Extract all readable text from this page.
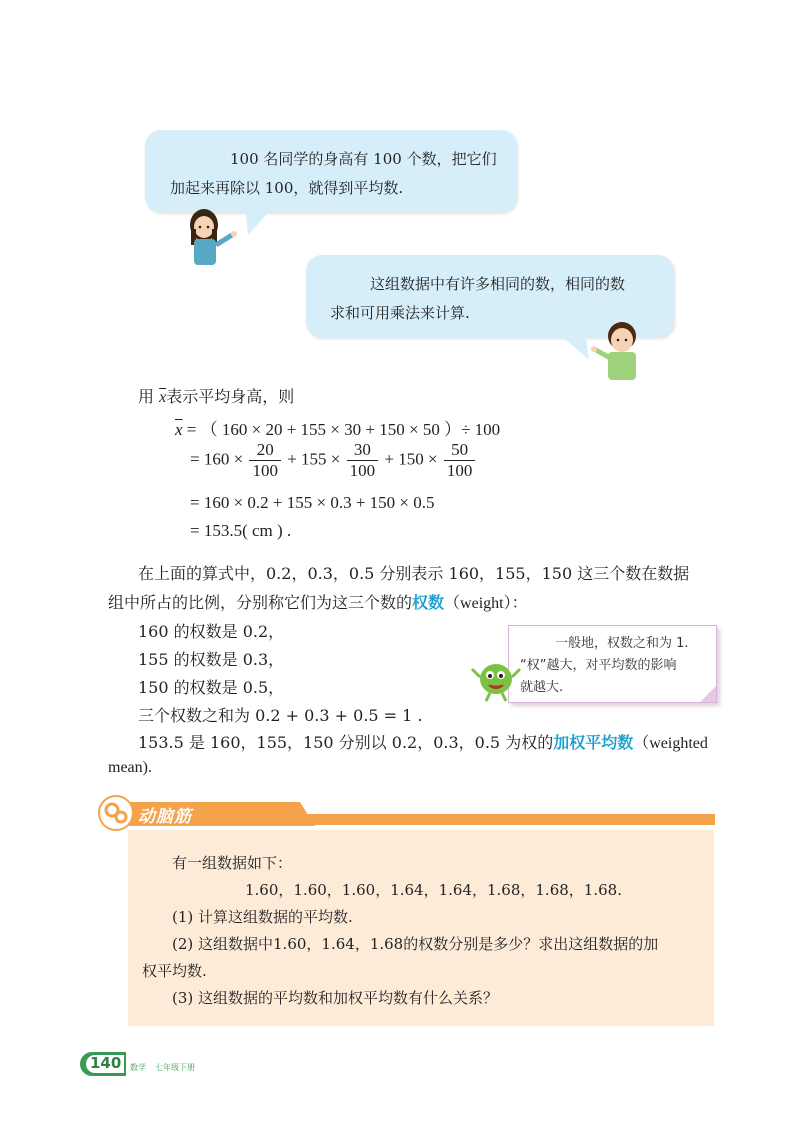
100 名同学的身高有 100 个数，把它们
加起来再除以 100，就得到平均数.
这组数据中有许多相同的数，相同的数
求和可用乘法来计算.
用 $\overline{x}$表示平均身高，则
$\overline{x}$ = （ 160 × 20 + 155 × 30 + 150 × 50 ）÷ 100
= $160 \times \frac{20}{100} + 155 \times \frac{30}{100} + 150 \times \frac{50}{100}$
= 160 × 0.2 + 155 × 0.3 + 150 × 0.5
= 153.5( cm ) .
在上面的算式中，0.2，0.3，0.5 分别表示 160，155，150 这三个数在数据
组中所占的比例，分别称它们为这三个数的权数（weight）：
160 的权数是 0.2，
155 的权数是 0.3，
150 的权数是 0.5，
三个权数之和为 0.2 + 0.3 + 0.5 = 1 .
一般地，权数之和为 1.
“权”越大，对平均数的影响
就越大.
153.5 是 160，155，150 分别以 0.2，0.3，0.5 为权的加权平均数（weighted
mean).
动脑筋
有一组数据如下：
1.60，1.60，1.60，1.64，1.64，1.68，1.68，1.68.
(1) 计算这组数据的平均数.
(2) 这组数据中1.60，1.64，1.68的权数分别是多少？求出这组数据的加
权平均数.
(3) 这组数据的平均数和加权平均数有什么关系？
140 数学 七年级下册
